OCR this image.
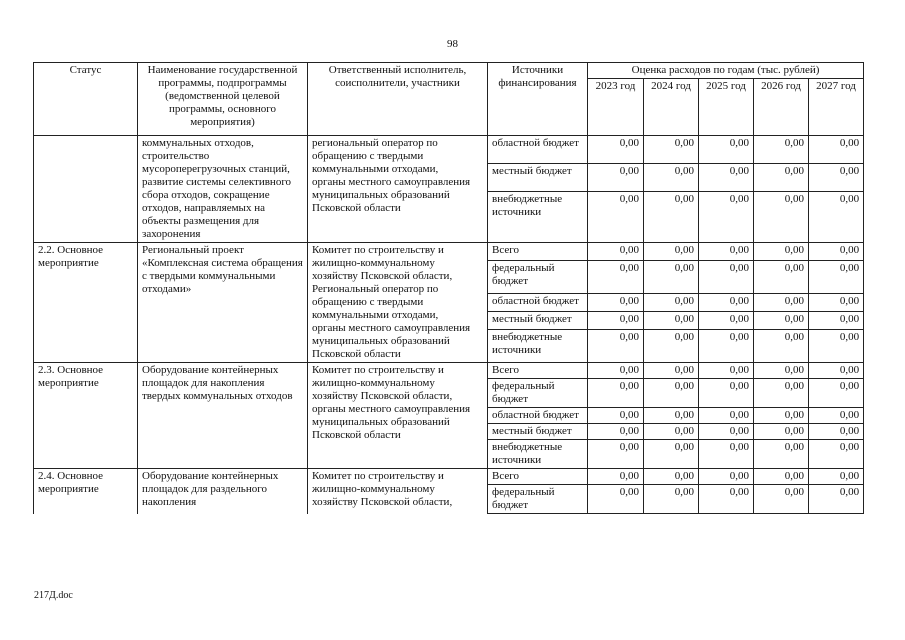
98
Статус	Наименование государственной программы, подпрограммы (ведомственной целевой программы, основного мероприятия)	Ответственный исполнитель, соисполнители, участники	Источники финансирования	Оценка расходов по годам (тыс. рублей)				
				2023 год	2024 год	2025 год	2026 год	2027 год
	коммунальных отходов, строительство мусороперегрузочных станций, развитие системы селективного сбора отходов, сокращение отходов, направляемых на объекты размещения для захоронения	региональный оператор по обращению с твердыми коммунальными отходами,
органы местного самоуправления муниципальных образований Псковской области	областной бюджет	0,00	0,00	0,00	0,00	0,00
			местный бюджет	0,00	0,00	0,00	0,00	0,00
			внебюджетные источники	0,00	0,00	0,00	0,00	0,00
2.2. Основное мероприятие	Региональный проект «Комплексная система обращения с твердыми коммунальными отходами»	Комитет по строительству и жилищно-коммунальному хозяйству Псковской области,
Региональный оператор по обращению с твердыми коммунальными отходами,
органы местного самоуправления муниципальных образований Псковской области	Всего	0,00	0,00	0,00	0,00	0,00
			федеральный бюджет	0,00	0,00	0,00	0,00	0,00
			областной бюджет	0,00	0,00	0,00	0,00	0,00
			местный бюджет	0,00	0,00	0,00	0,00	0,00
			внебюджетные источники	0,00	0,00	0,00	0,00	0,00
2.3. Основное мероприятие	Оборудование контейнерных площадок для накопления твердых коммунальных отходов	Комитет по строительству и жилищно-коммунальному хозяйству Псковской области,
органы местного самоуправления муниципальных образований Псковской области	Всего	0,00	0,00	0,00	0,00	0,00
			федеральный бюджет	0,00	0,00	0,00	0,00	0,00
			областной бюджет	0,00	0,00	0,00	0,00	0,00
			местный бюджет	0,00	0,00	0,00	0,00	0,00
			внебюджетные источники	0,00	0,00	0,00	0,00	0,00
2.4. Основное мероприятие	Оборудование контейнерных площадок для раздельного накопления	Комитет по строительству и жилищно-коммунальному хозяйству Псковской области,	Всего	0,00	0,00	0,00	0,00	0,00
			федеральный бюджет	0,00	0,00	0,00	0,00	0,00
217Д.doc
